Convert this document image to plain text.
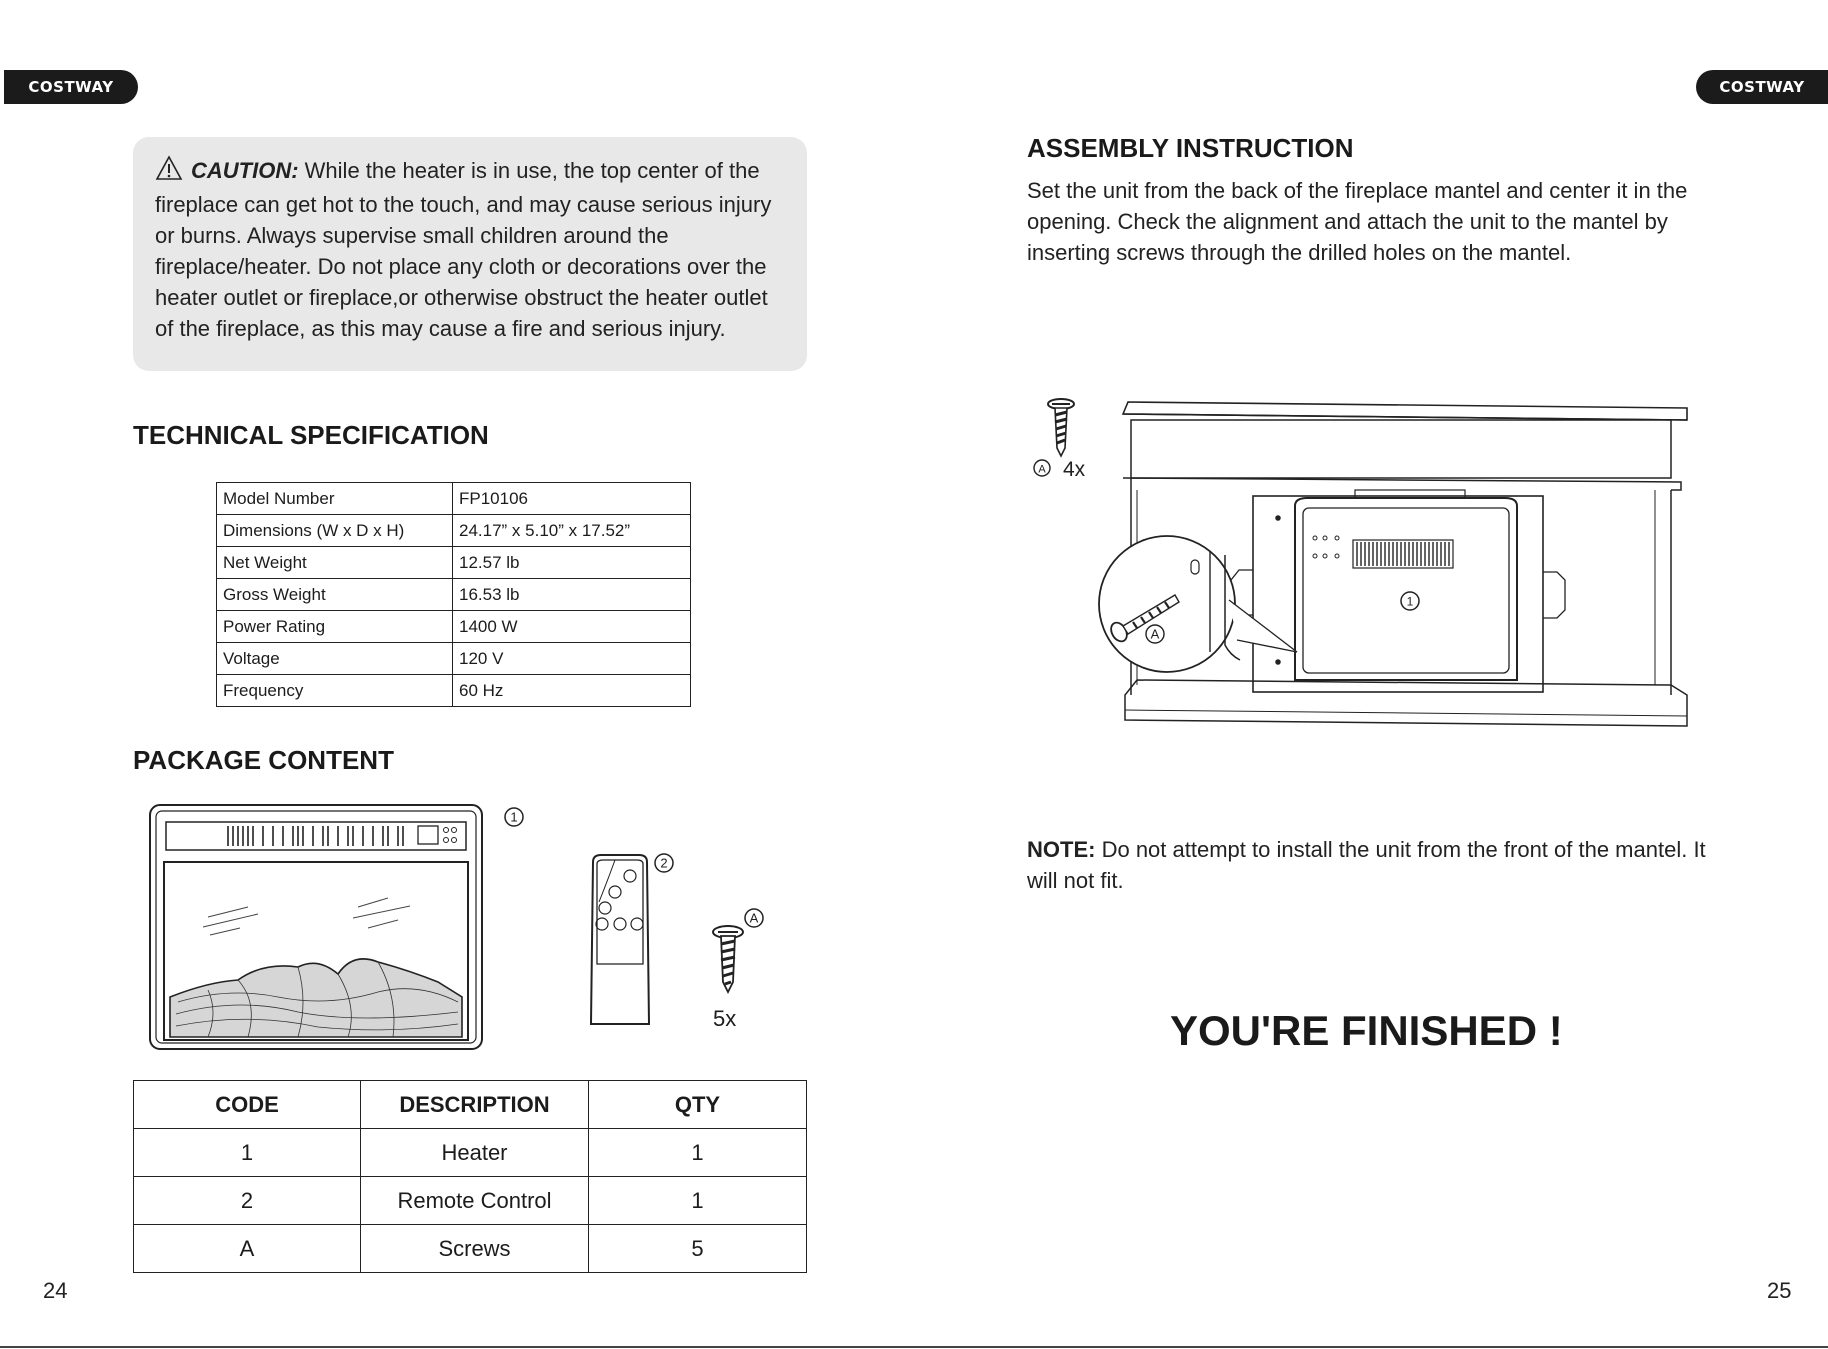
COSTWAY	COSTWAY
CAUTION: While the heater is in use, the top center of the fireplace can get hot to the touch, and may cause serious injury or burns. Always supervise small children around the fireplace/heater. Do not place any cloth or decorations over the heater outlet or fireplace,or otherwise obstruct the heater outlet of the fireplace, as this may cause a fire and serious injury.
TECHNICAL SPECIFICATION
Model Number	FP10106
Dimensions (W x D x H)	24.17” x 5.10” x 17.52”
Net Weight	12.57 lb
Gross Weight	16.53 lb
Power Rating	1400 W
Voltage	120 V
Frequency	60 Hz
PACKAGE CONTENT
1
2
A
5x
CODE	DESCRIPTION	QTY
1	Heater	1
2	Remote Control	1
A	Screws	5
ASSEMBLY INSTRUCTION
Set the unit from the back of the fireplace mantel and center it in the opening. Check the alignment and attach the unit to the mantel by inserting screws through the drilled holes on the mantel.
A 4x
1
A
NOTE: Do not attempt to install the unit from the front of the mantel. It will not fit.
YOU'RE FINISHED !
24	25
